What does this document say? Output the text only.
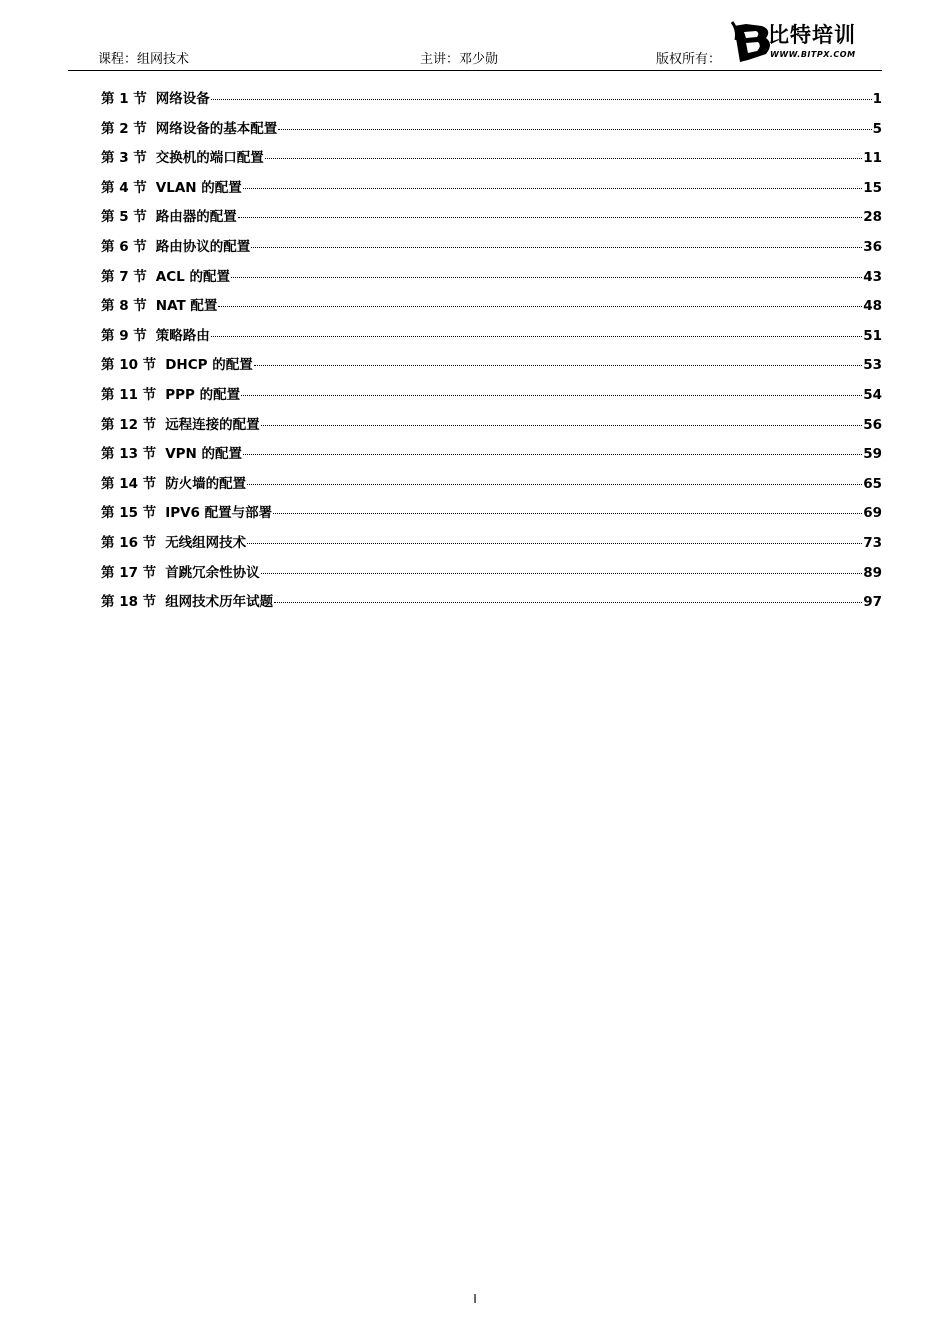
课程：组网技术	主讲：邓少勋	版权所有：
比特培训
WWW.BITPX.COM
第 1 节 网络设备	1
第 2 节 网络设备的基本配置	5
第 3 节 交换机的端口配置	11
第 4 节 VLAN 的配置	15
第 5 节 路由器的配置	28
第 6 节 路由协议的配置	36
第 7 节 ACL 的配置	43
第 8 节 NAT 配置	48
第 9 节 策略路由	51
第 10 节 DHCP 的配置	53
第 11 节 PPP 的配置	54
第 12 节 远程连接的配置	56
第 13 节 VPN 的配置	59
第 14 节 防火墙的配置	65
第 15 节 IPV6 配置与部署	69
第 16 节 无线组网技术	73
第 17 节 首跳冗余性协议	89
第 18 节 组网技术历年试题	97
I
